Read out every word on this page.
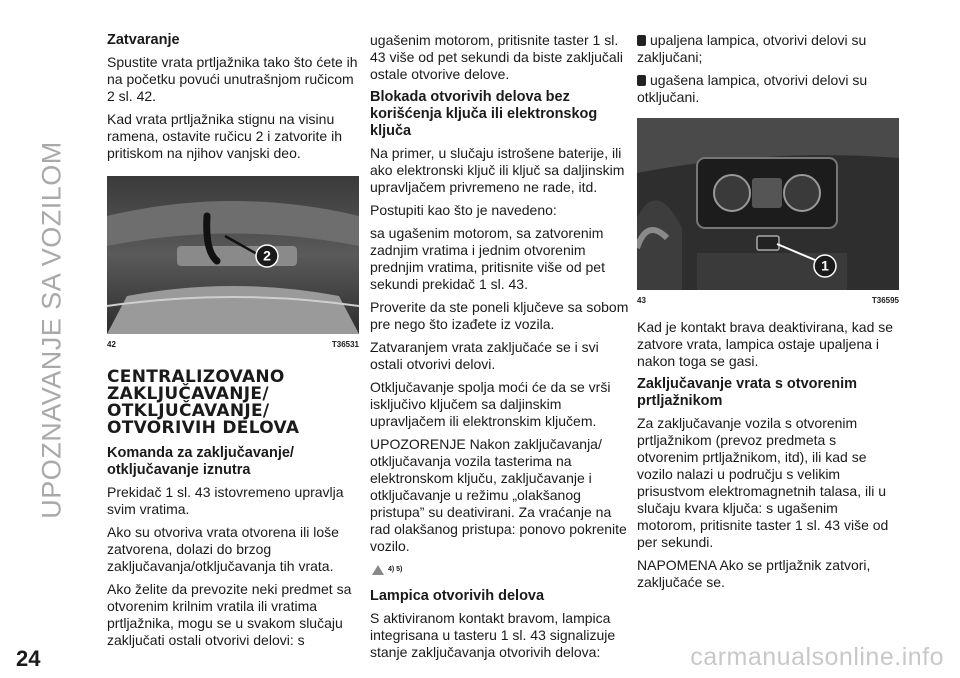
UPOZNAVANJE SA VOZILOM
Zatvaranje

Spustite vrata prtljažnika tako što ćete ih na početku povući unutrašnjom ručicom 2 sl. 42.

Kad vrata prtljažnika stignu na visinu ramena, ostavite ručicu 2 i zatvorite ih pritiskom na njihov vanjski deo.

2
42	T36531
CENTRALIZOVANO ZAKLJUČAVANJE/ OTKLJUČAVANJE/ OTVORIVIH DELOVA
Komanda za zaključavanje/ otključavanje iznutra

Prekidač 1 sl. 43 istovremeno upravlja svim vratima.

Ako su otvoriva vrata otvorena ili loše zatvorena, dolazi do brzog zaključavanja/otključavanja tih vrata.

Ako želite da prevozite neki predmet sa otvorenim krilnim vratila ili vratima prtljažnika, mogu se u svakom slučaju zaključati ostali otvorivi delovi: s

ugašenim motorom, pritisnite taster 1 sl. 43 više od pet sekundi da biste zaključali ostale otvorive delove.

Blokada otvorivih delova bez korišćenja ključa ili elektronskog ključa

Na primer, u slučaju istrošene baterije, ili ako elektronski ključ ili ključ sa daljinskim upravljačem privremeno ne rade, itd.

Postupiti kao što je navedeno:

sa ugašenim motorom, sa zatvorenim zadnjim vratima i jednim otvorenim prednjim vratima, pritisnite više od pet sekundi prekidač 1 sl. 43.

Proverite da ste poneli ključeve sa sobom pre nego što izađete iz vozila.

Zatvaranjem vrata zaključaće se i svi ostali otvorivi delovi.

Otključavanje spolja moći će da se vrši isključivo ključem sa daljinskim upravljačem ili elektronskim ključem.

UPOZORENJE Nakon zaključavanja/ otključavanja vozila tasterima na elektronskom ključu, zaključavanje i otključavanje u režimu „olakšanog pristupa” su deativirani. Za vraćanje na rad olakšanog pristupa: ponovo pokrenite vozilo.

4) 5)
Lampica otvorivih delova

S aktiviranom kontakt bravom, lampica integrisana u tasteru 1 sl. 43 signalizuje stanje zaključavanja otvorivih delova:

upaljena lampica, otvorivi delovi su zaključani;

ugašena lampica, otvorivi delovi su otključani.

1
43	T36595

Kad je kontakt brava deaktivirana, kad se zatvore vrata, lampica ostaje upaljena i nakon toga se gasi.

Zaključavanje vrata s otvorenim prtljažnikom

Za zaključavanje vozila s otvorenim prtljažnikom (prevoz predmeta s otvorenim prtljažnikom, itd), ili kad se vozilo nalazi u području s velikim prisustvom elektromagnetnih talasa, ili u slučaju kvara ključa: s ugašenim motorom, pritisnite taster 1 sl. 43 više od per sekundi.

NAPOMENA Ako se prtljažnik zatvori, zaključaće se.

24	carmanualsonline.info
